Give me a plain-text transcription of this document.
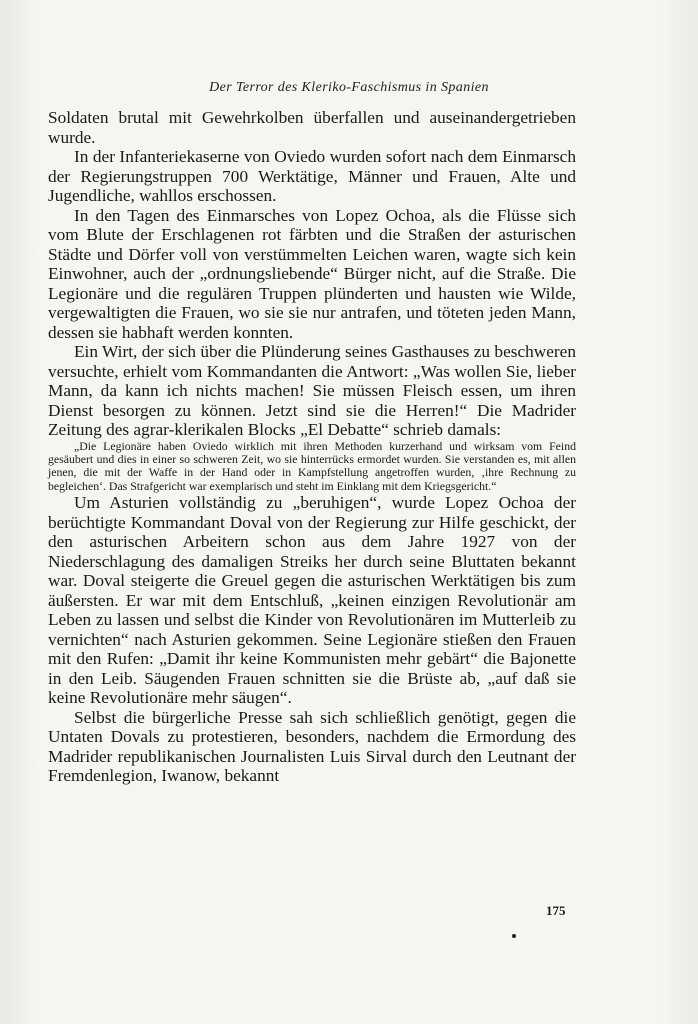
Der Terror des Kleriko-Faschismus in Spanien

Soldaten brutal mit Gewehrkolben überfallen und auseinandergetrieben wurde.

In der Infanteriekaserne von Oviedo wurden sofort nach dem Einmarsch der Regierungstruppen 700 Werktätige, Männer und Frauen, Alte und Jugendliche, wahllos erschossen.

In den Tagen des Einmarsches von Lopez Ochoa, als die Flüsse sich vom Blute der Erschlagenen rot färbten und die Straßen der asturischen Städte und Dörfer voll von verstümmelten Leichen waren, wagte sich kein Einwohner, auch der „ordnungsliebende“ Bürger nicht, auf die Straße. Die Legionäre und die regulären Truppen plünderten und hausten wie Wilde, vergewaltigten die Frauen, wo sie sie nur antrafen, und töteten jeden Mann, dessen sie habhaft werden konnten.

Ein Wirt, der sich über die Plünderung seines Gasthauses zu beschweren versuchte, erhielt vom Kommandanten die Antwort: „Was wollen Sie, lieber Mann, da kann ich nichts machen! Sie müssen Fleisch essen, um ihren Dienst besorgen zu können. Jetzt sind sie die Herren!“ Die Madrider Zeitung des agrar-klerikalen Blocks „El Debatte“ schrieb damals:

„Die Legionäre haben Oviedo wirklich mit ihren Methoden kurzerhand und wirksam vom Feind gesäubert und dies in einer so schweren Zeit, wo sie hinterrücks ermordet wurden. Sie verstanden es, mit allen jenen, die mit der Waffe in der Hand oder in Kampfstellung angetroffen wurden, ‚ihre Rechnung zu begleichen‘. Das Strafgericht war exemplarisch und steht im Einklang mit dem Kriegsgericht.“

Um Asturien vollständig zu „beruhigen“, wurde Lopez Ochoa der berüchtigte Kommandant Doval von der Regierung zur Hilfe geschickt, der den asturischen Arbeitern schon aus dem Jahre 1927 von der Niederschlagung des damaligen Streiks her durch seine Bluttaten bekannt war. Doval steigerte die Greuel gegen die asturischen Werktätigen bis zum äußersten. Er war mit dem Entschluß, „keinen einzigen Revolutionär am Leben zu lassen und selbst die Kinder von Revolutionären im Mutterleib zu vernichten“ nach Asturien gekommen. Seine Legionäre stießen den Frauen mit den Rufen: „Damit ihr keine Kommunisten mehr gebärt“ die Bajonette in den Leib. Säugenden Frauen schnitten sie die Brüste ab, „auf daß sie keine Revolutionäre mehr säugen“.

Selbst die bürgerliche Presse sah sich schließlich genötigt, gegen die Untaten Dovals zu protestieren, besonders, nachdem die Ermordung des Madrider republikanischen Journalisten Luis Sirval durch den Leutnant der Fremdenlegion, Iwanow, bekannt

175
